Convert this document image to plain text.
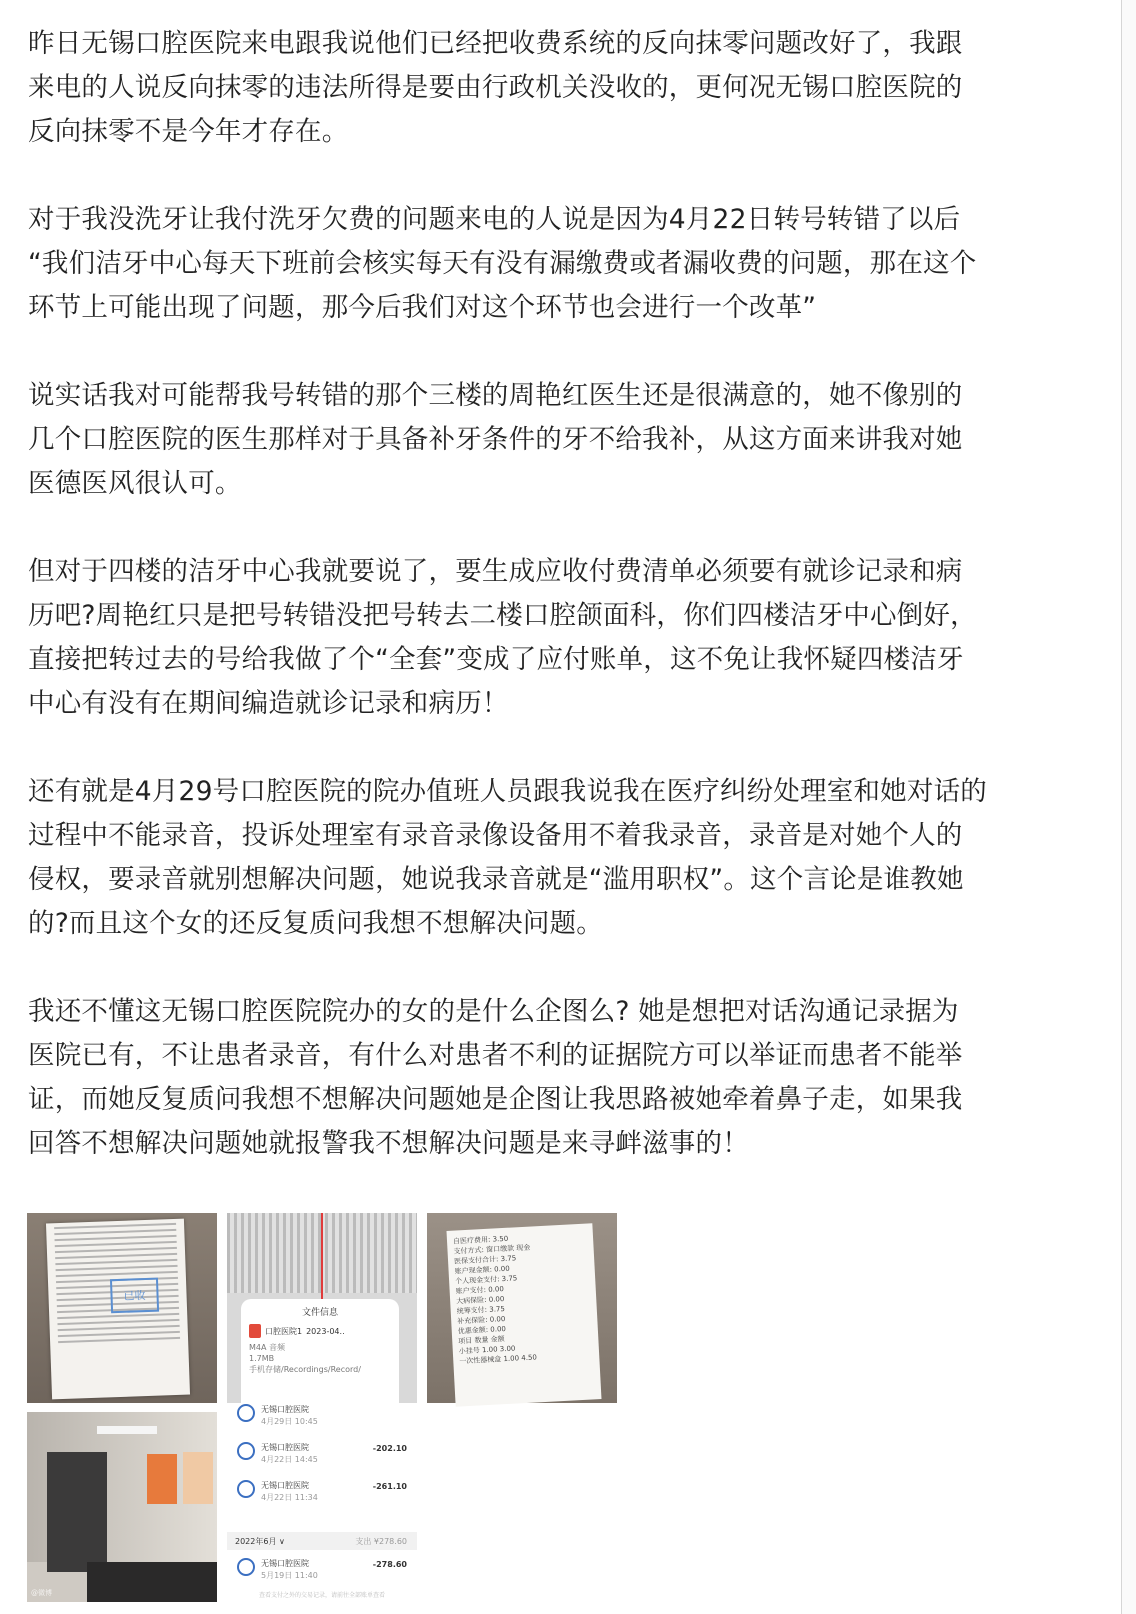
昨日无锡口腔医院来电跟我说他们已经把收费系统的反向抹零问题改好了，我跟
来电的人说反向抹零的违法所得是要由行政机关没收的，更何况无锡口腔医院的
反向抹零不是今年才存在。

对于我没洗牙让我付洗牙欠费的问题来电的人说是因为4月22日转号转错了以后
“我们洁牙中心每天下班前会核实每天有没有漏缴费或者漏收费的问题，那在这个
环节上可能出现了问题，那今后我们对这个环节也会进行一个改革”

说实话我对可能帮我号转错的那个三楼的周艳红医生还是很满意的，她不像别的
几个口腔医院的医生那样对于具备补牙条件的牙不给我补，从这方面来讲我对她
医德医风很认可。

但对于四楼的洁牙中心我就要说了，要生成应收付费清单必须要有就诊记录和病
历吧?周艳红只是把号转错没把号转去二楼口腔颌面科，你们四楼洁牙中心倒好，
直接把转过去的号给我做了个“全套”变成了应付账单，这不免让我怀疑四楼洁牙
中心有没有在期间编造就诊记录和病历！

还有就是4月29号口腔医院的院办值班人员跟我说我在医疗纠纷处理室和她对话的
过程中不能录音，投诉处理室有录音录像设备用不着我录音，录音是对她个人的
侵权，要录音就别想解决问题，她说我录音就是“滥用职权”。这个言论是谁教她
的?而且这个女的还反复质问我想不想解决问题。

我还不懂这无锡口腔医院院办的女的是什么企图么? 她是想把对话沟通记录据为
医院已有，不让患者录音，有什么对患者不利的证据院方可以举证而患者不能举
证，而她反复质问我想不想解决问题她是企图让我思路被她牵着鼻子走，如果我
回答不想解决问题她就报警我不想解决问题是来寻衅滋事的！

已收
文件信息
口腔医院1 2023-04..
M4A 音频
1.7MB
手机存储/Recordings/Record/
自医疗费用: 3.50
支付方式: 窗口缴款 现金
医保支付合计: 3.75
账户现金额: 0.00
个人现金支付: 3.75
账户支付: 0.00
大病保险: 0.00
统筹支付: 3.75
补充保险: 0.00
优惠金额: 0.00
项目 数量 金额
小挂号 1.00 3.00
一次性器械盒 1.00 4.50
@微博
无锡口腔医院
4月29日 10:45
无锡口腔医院
4月22日 14:45
-202.10
无锡口腔医院
4月22日 11:34
-261.10
2022年6月 ∨	支出 ¥278.60
无锡口腔医院
5月19日 11:40
-278.60
查看支付之外的交易记录，请前往全部账单查看
